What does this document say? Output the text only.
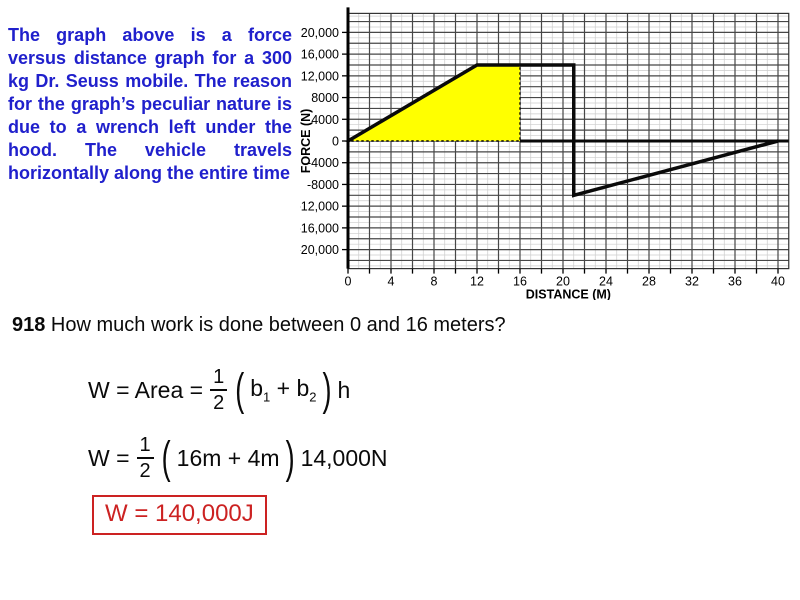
The graph above is a force versus distance graph for a 300 kg Dr. Seuss mobile. The reason for the graph’s peculiar nature is due to a wrench left under the hood. The vehicle travels horizontally along the entire time
20,000
16,000
12,000
8000
4000
0
-4000
-8000
-12,000
-16,000
-20,000
0	4	8	12 16 20 24 28 32 36 40
DISTANCE (M)
FORCE (N)
918 How much work is done between 0 and 16 meters?
W = Area = $\frac{1}{2}$ ( $b_1 + b_2$ ) h
$W = \frac{1}{2}$ ( 16m + 4m ) 14,000N
W = 140,000J
